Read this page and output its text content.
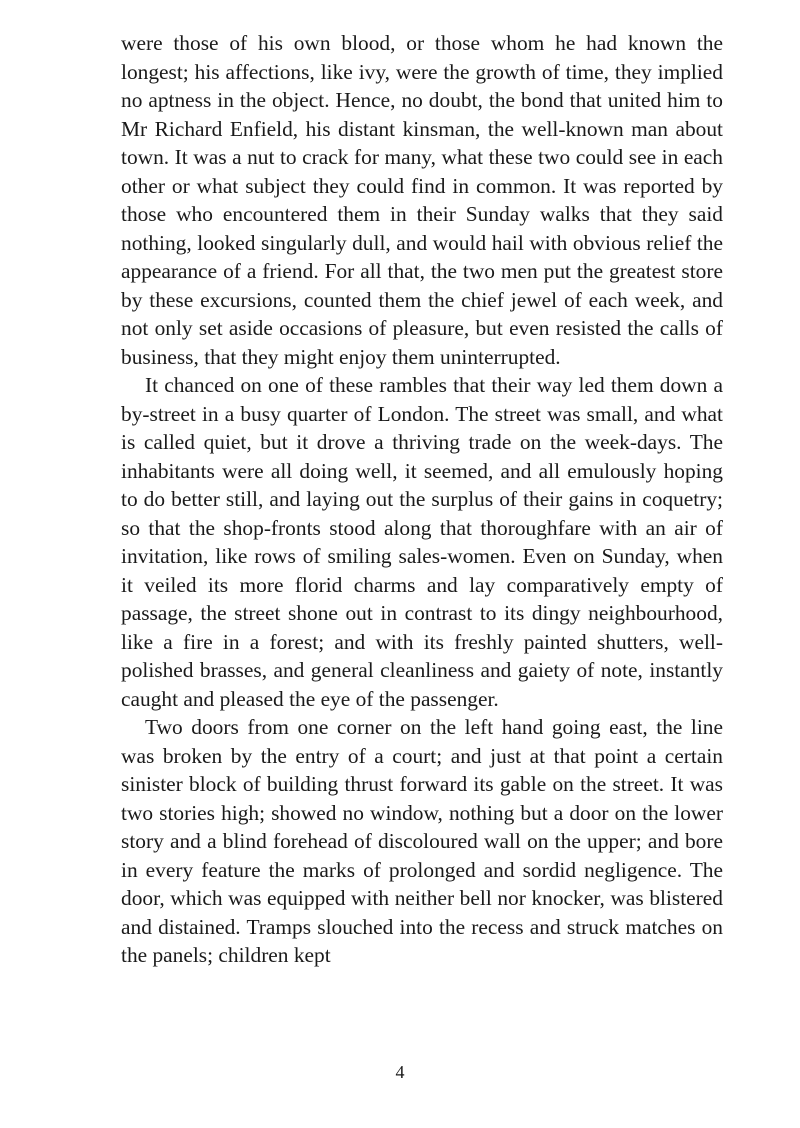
were those of his own blood, or those whom he had known the longest; his affections, like ivy, were the growth of time, they implied no aptness in the object. Hence, no doubt, the bond that united him to Mr Richard Enfield, his distant kinsman, the well-known man about town. It was a nut to crack for many, what these two could see in each other or what subject they could find in common. It was reported by those who encountered them in their Sunday walks that they said nothing, looked singularly dull, and would hail with obvious relief the appearance of a friend. For all that, the two men put the greatest store by these excursions, counted them the chief jewel of each week, and not only set aside occasions of pleasure, but even resisted the calls of business, that they might enjoy them uninterrupted.

It chanced on one of these rambles that their way led them down a by-street in a busy quarter of London. The street was small, and what is called quiet, but it drove a thriving trade on the week-days. The inhabitants were all doing well, it seemed, and all emulously hoping to do better still, and laying out the surplus of their gains in coquetry; so that the shop-fronts stood along that thoroughfare with an air of invitation, like rows of smiling sales-women. Even on Sunday, when it veiled its more florid charms and lay comparatively empty of passage, the street shone out in contrast to its dingy neighbourhood, like a fire in a forest; and with its freshly painted shutters, well-polished brasses, and general cleanliness and gaiety of note, instantly caught and pleased the eye of the passenger.

Two doors from one corner on the left hand going east, the line was broken by the entry of a court; and just at that point a certain sinister block of building thrust forward its gable on the street. It was two stories high; showed no window, nothing but a door on the lower story and a blind forehead of discoloured wall on the upper; and bore in every feature the marks of prolonged and sordid negligence. The door, which was equipped with neither bell nor knocker, was blistered and distained. Tramps slouched into the recess and struck matches on the panels; children kept

4
